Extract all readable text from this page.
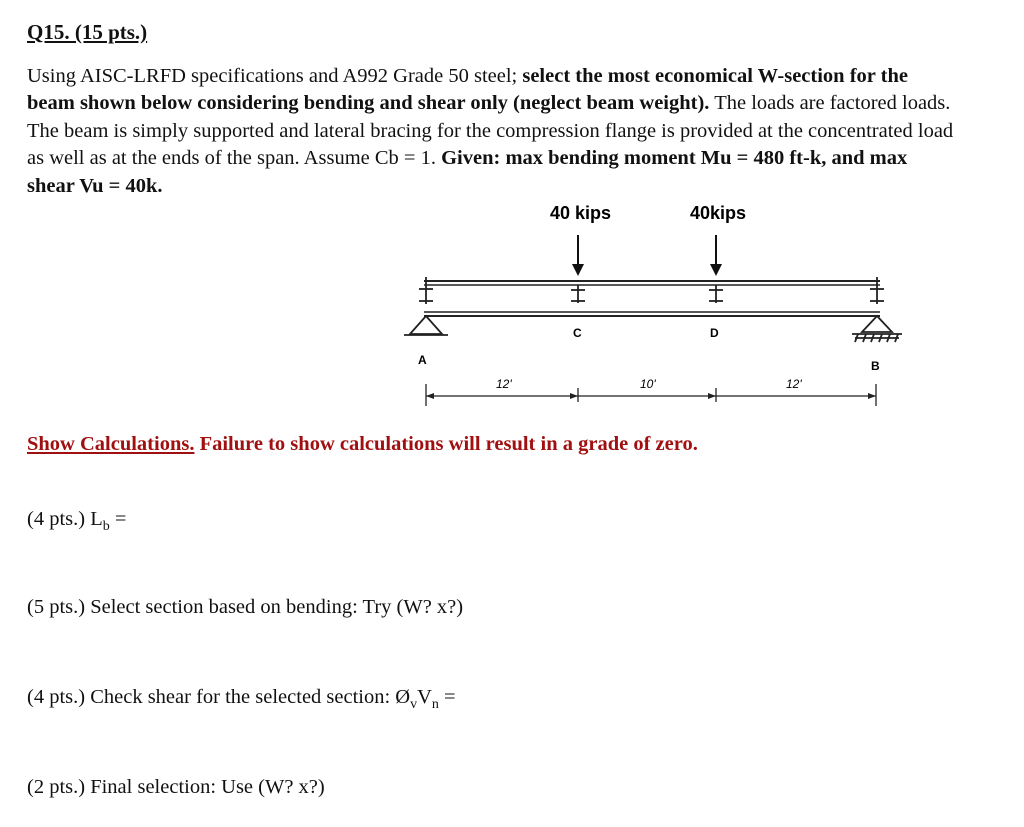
Q15. (15 pts.)
Using AISC-LRFD specifications and A992 Grade 50 steel; select the most economical W-section for the beam shown below considering bending and shear only (neglect beam weight). The loads are factored loads. The beam is simply supported and lateral bracing for the compression flange is provided at the concentrated load as well as at the ends of the span. Assume Cb = 1. Given: max bending moment Mu = 480 ft-k, and max shear Vu = 40k.
40 kips	40kips
C	D
A	B
12'	10'	12'
Show Calculations. Failure to show calculations will result in a grade of zero.
(4 pts.) $L_b$ =
(5 pts.) Select section based on bending: Try (W? x?)
(4 pts.) Check shear for the selected section: $Ø_vV_n$ =
(2 pts.) Final selection: Use (W? x?)
